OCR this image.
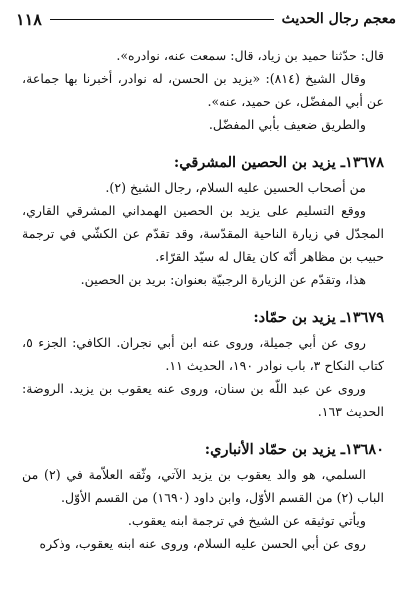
١١٨	معجم رجال الحديث

قال: حدّثنا حميد بن زياد، قال: سمعت عنه، نوادره».

وقال الشيخ (٨١٤): «يزيد بن الحسن، له نوادر، أخبرنا بها جماعة، عن أبي المفضّل، عن حميد، عنه».

والطريق ضعيف بأبي المفضّل.

١٣٦٧٨ـ يزيد بن الحصين المشرقي:

من أصحاب الحسين عليه السلام، رجال الشيخ (٢).

ووقع التسليم على يزيد بن الحصين الهمداني المشرقي القاري، المجدّل في زيارة الناحية المقدّسة، وقد تقدّم عن الكشّي في ترجمة حبيب بن مظاهر أنّه كان يقال له سيّد القرّاء.

هذا، وتقدّم عن الزيارة الرجبيّة بعنوان: بريد بن الحصين.

١٣٦٧٩ـ يزيد بن حمّاد:

روى عن أبي جميلة، وروى عنه ابن أبي نجران. الكافي: الجزء ٥، كتاب النكاح ٣، باب نوادر ١٩٠، الحديث ١١.

وروى عن عبد اللّه بن سنان، وروى عنه يعقوب بن يزيد. الروضة: الحديث ١٦٣.

١٣٦٨٠ـ يزيد بن حمّاد الأنباري:

السلمي، هو والد يعقوب بن يزيد الآتي، وثّقه العلاّمة في (٢) من الباب (٢) من القسم الأوّل، وابن داود (١٦٩٠) من القسم الأوّل.

ويأتي توثيقه عن الشيخ في ترجمة ابنه يعقوب.

روى عن أبي الحسن عليه السلام، وروى عنه ابنه يعقوب، وذكره
